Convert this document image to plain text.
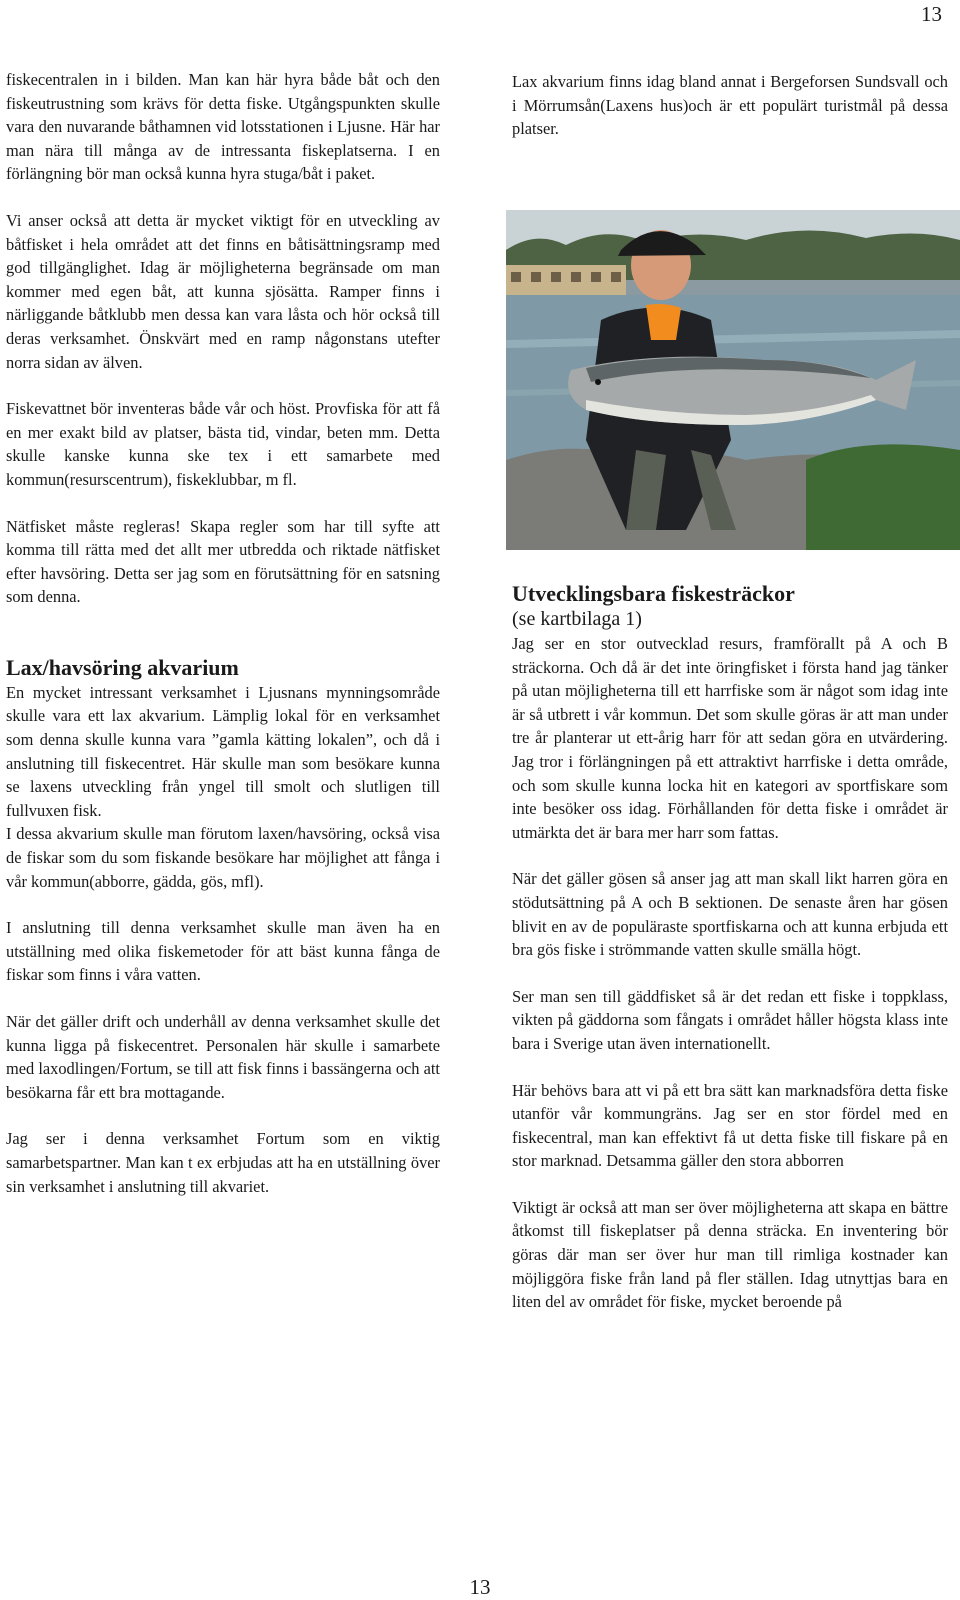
13

fiskecentralen in i bilden. Man kan här hyra både båt och den fiskeutrustning som krävs för detta fiske. Utgångspunkten skulle vara den nuvarande båthamnen vid lotsstationen i Ljusne. Här har man nära till många av de intressanta fiskeplatserna. I en förlängning bör man också kunna hyra stuga/båt i paket.

Vi anser också att detta är mycket viktigt för en utveckling av båtfisket i hela området att det finns en båtisättningsramp med god tillgänglighet. Idag är möjligheterna begränsade om man kommer med egen båt, att kunna sjösätta. Ramper finns i närliggande båtklubb men dessa kan vara låsta och hör också till deras verksamhet. Önskvärt med en ramp någonstans utefter norra sidan av älven.

Fiskevattnet bör inventeras både vår och höst. Provfiska för att få en mer exakt bild av platser, bästa tid, vindar, beten mm. Detta skulle kanske kunna ske tex i ett samarbete med kommun(resurscentrum), fiskeklubbar, m fl.

Nätfisket måste regleras! Skapa regler som har till syfte att komma till rätta med det allt mer utbredda och riktade nätfisket efter havsöring. Detta ser jag som en förutsättning för en satsning som denna.

Lax/havsöring akvarium

En mycket intressant verksamhet i Ljusnans mynningsområde skulle vara ett lax akvarium. Lämplig lokal för en verksamhet som denna skulle kunna vara ”gamla kätting lokalen”, och då i anslutning till fiskecentret. Här skulle man som besökare kunna se laxens utveckling från yngel till smolt och slutligen till fullvuxen fisk.

I dessa akvarium skulle man förutom laxen/havsöring, också visa de fiskar som du som fiskande besökare har möjlighet att fånga i vår kommun(abborre, gädda, gös, mfl).

I anslutning till denna verksamhet skulle man även ha en utställning med olika fiskemetoder för att bäst kunna fånga de fiskar som finns i våra vatten.

När det gäller drift och underhåll av denna verksamhet skulle det kunna ligga på fiskecentret. Personalen här skulle i samarbete med laxodlingen/Fortum, se till att fisk finns i bassängerna och att besökarna får ett bra mottagande.

Jag ser i denna verksamhet Fortum som en viktig samarbetspartner. Man kan t ex erbjudas att ha en utställning över sin verksamhet i anslutning till akvariet.

Lax akvarium finns idag bland annat i Bergeforsen Sundsvall och i Mörrumsån(Laxens hus)och är ett populärt turistmål på dessa platser.

Utvecklingsbara fiskesträckor
(se kartbilaga 1)

Jag ser en stor outvecklad resurs, framförallt på A och B sträckorna. Och då är det inte öringfisket i första hand jag tänker på utan möjligheterna till ett harrfiske som är något som idag inte är så utbrett i vår kommun. Det som skulle göras är att man under tre år planterar ut ett-årig harr för att sedan göra en utvärdering. Jag tror i förlängningen på ett attraktivt harrfiske i detta område, och som skulle kunna locka hit en kategori av sportfiskare som inte besöker oss idag. Förhållanden för detta fiske i området är utmärkta det är bara mer harr som fattas.

När det gäller gösen så anser jag att man skall likt harren göra en stödutsättning på A och B sektionen. De senaste åren har gösen blivit en av de populäraste sportfiskarna och att kunna erbjuda ett bra gös fiske i strömmande vatten skulle smälla högt.

Ser man sen till gäddfisket så är det redan ett fiske i toppklass, vikten på gäddorna som fångats i området håller högsta klass inte bara i Sverige utan även internationellt.

Här behövs bara att vi på ett bra sätt kan marknadsföra detta fiske utanför vår kommungräns. Jag ser en stor fördel med en fiskecentral, man kan effektivt få ut detta fiske till fiskare på en stor marknad. Detsamma gäller den stora abborren

Viktigt är också att man ser över möjligheterna att skapa en bättre åtkomst till fiskeplatser på denna sträcka. En inventering bör göras där man ser över hur man till rimliga kostnader kan möjliggöra fiske från land på fler ställen. Idag utnyttjas bara en liten del av området för fiske, mycket beroende på

13
